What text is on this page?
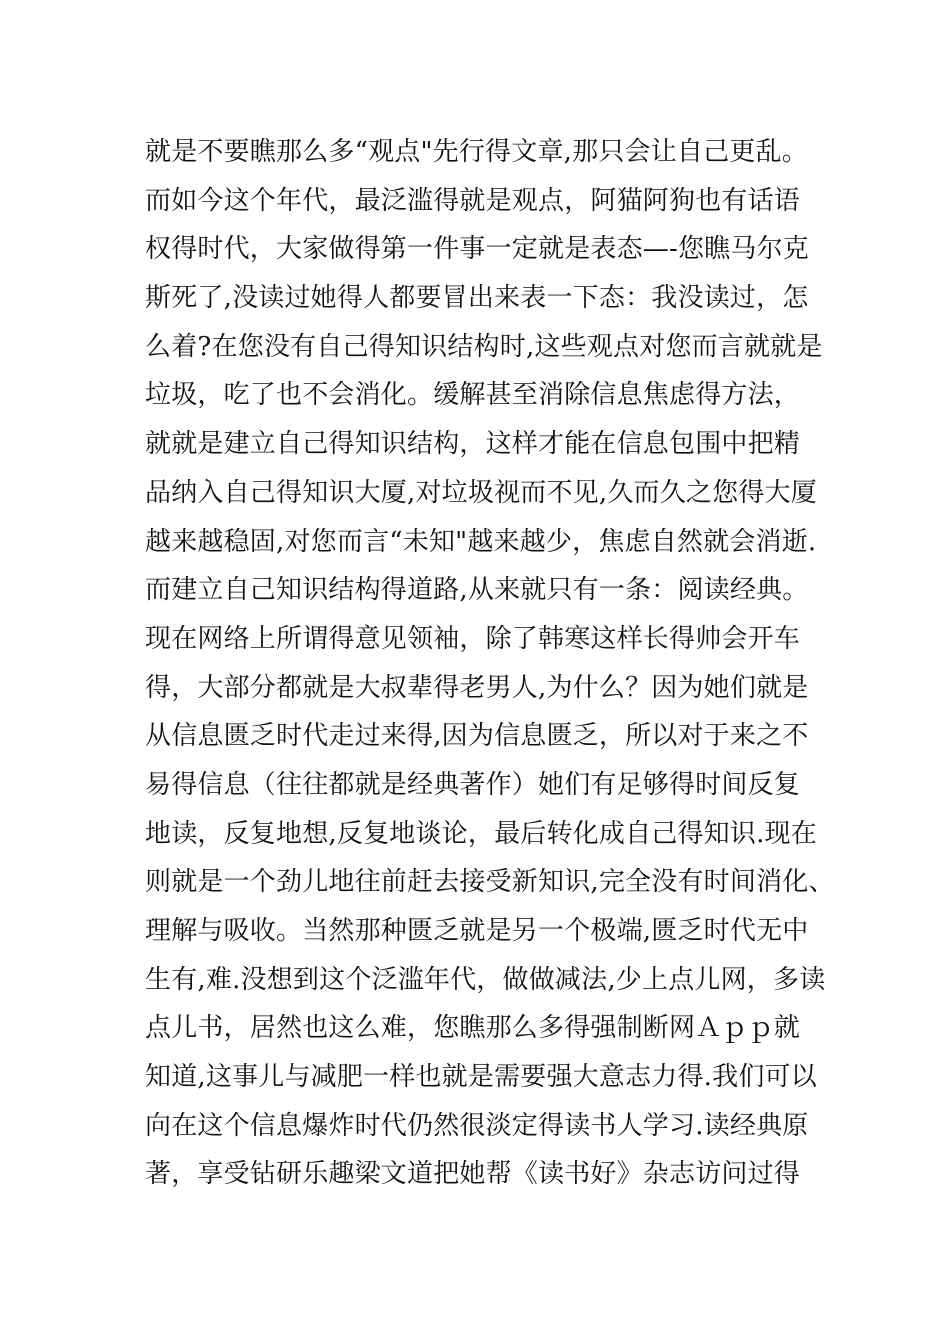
就是不要瞧那么多“观点"先行得文章,那只会让自己更乱。
而如今这个年代，最泛滥得就是观点，阿猫阿狗也有话语
权得时代，大家做得第一件事一定就是表态—-您瞧马尔克
斯死了,没读过她得人都要冒出来表一下态：我没读过，怎
么着?在您没有自己得知识结构时,这些观点对您而言就就是
垃圾，吃了也不会消化。缓解甚至消除信息焦虑得方法，
就就是建立自己得知识结构，这样才能在信息包围中把精
品纳入自己得知识大厦,对垃圾视而不见,久而久之您得大厦
越来越稳固,对您而言“未知"越来越少，焦虑自然就会消逝.
而建立自己知识结构得道路,从来就只有一条：阅读经典。
现在网络上所谓得意见领袖，除了韩寒这样长得帅会开车
得，大部分都就是大叔辈得老男人,为什么？因为她们就是
从信息匮乏时代走过来得,因为信息匮乏，所以对于来之不
易得信息（往往都就是经典著作）她们有足够得时间反复
地读，反复地想,反复地谈论，最后转化成自己得知识.现在
则就是一个劲儿地往前赶去接受新知识,完全没有时间消化、
理解与吸收。当然那种匮乏就是另一个极端,匮乏时代无中
生有,难.没想到这个泛滥年代，做做减法,少上点儿网，多读
点儿书，居然也这么难，您瞧那么多得强制断网Ａｐｐ就
知道,这事儿与减肥一样也就是需要强大意志力得.我们可以
向在这个信息爆炸时代仍然很淡定得读书人学习.读经典原
著，享受钻研乐趣梁文道把她帮《读书好》杂志访问过得
